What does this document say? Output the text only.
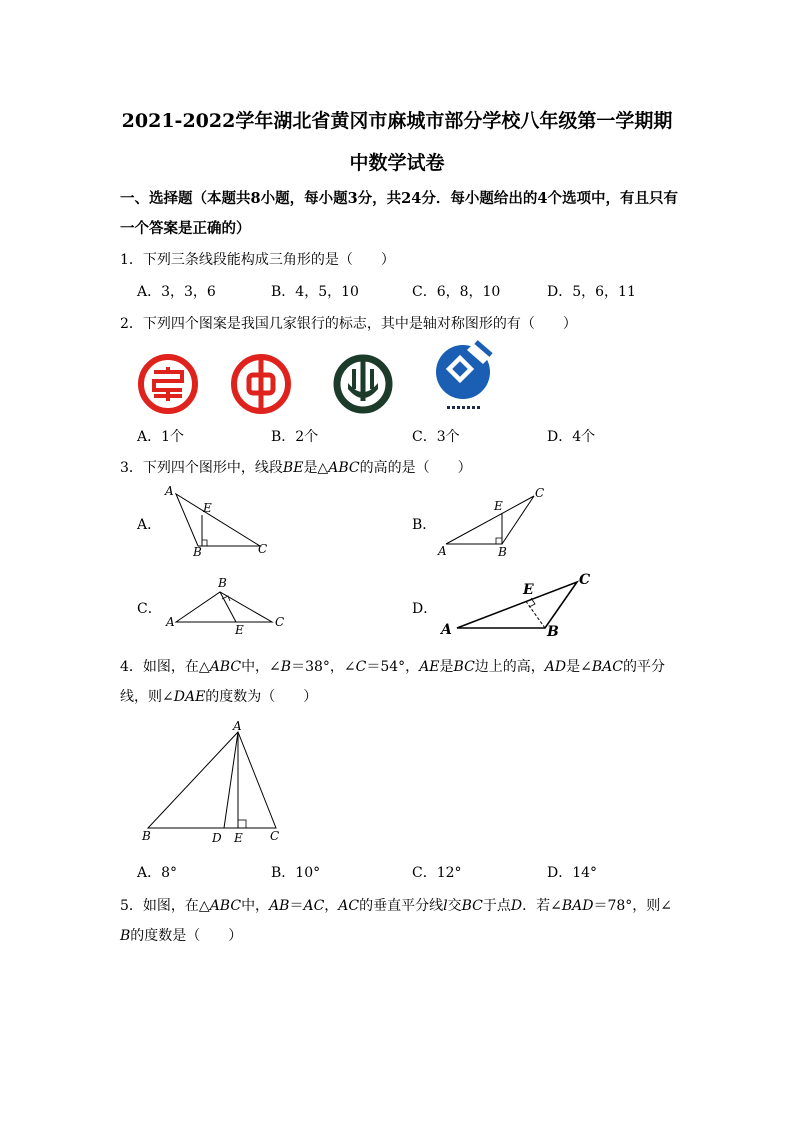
2021-2022学年湖北省黄冈市麻城市部分学校八年级第一学期期
中数学试卷
一、选择题（本题共8小题，每小题3分，共24分．每小题给出的4个选项中，有且只有
一个答案是正确的）
1．下列三条线段能构成三角形的是（　　）
A．3，3，6	B．4，5，10	C．6，8，10	D．5，6，11
2．下列四个图案是我国几家银行的标志，其中是轴对称图形的有（　　）
A．1个	B．2个	C．3个	D．4个
3．下列四个图形中，线段BE是△ABC的高的是（　　）
A．
A
E
B	C
B．
A
E
B
C
C．
B
A
E
C
D．
A	B
C
E
4．如图，在△ABC中，∠B＝38°，∠C＝54°，AE是BC边上的高，AD是∠BAC的平分
线，则∠DAE的度数为（　　）
A
B	D E C
A．8°	B．10°	C．12°	D．14°
5．如图，在△ABC中，AB＝AC，AC的垂直平分线l交BC于点D．若∠BAD＝78°，则∠
B的度数是（　　）
